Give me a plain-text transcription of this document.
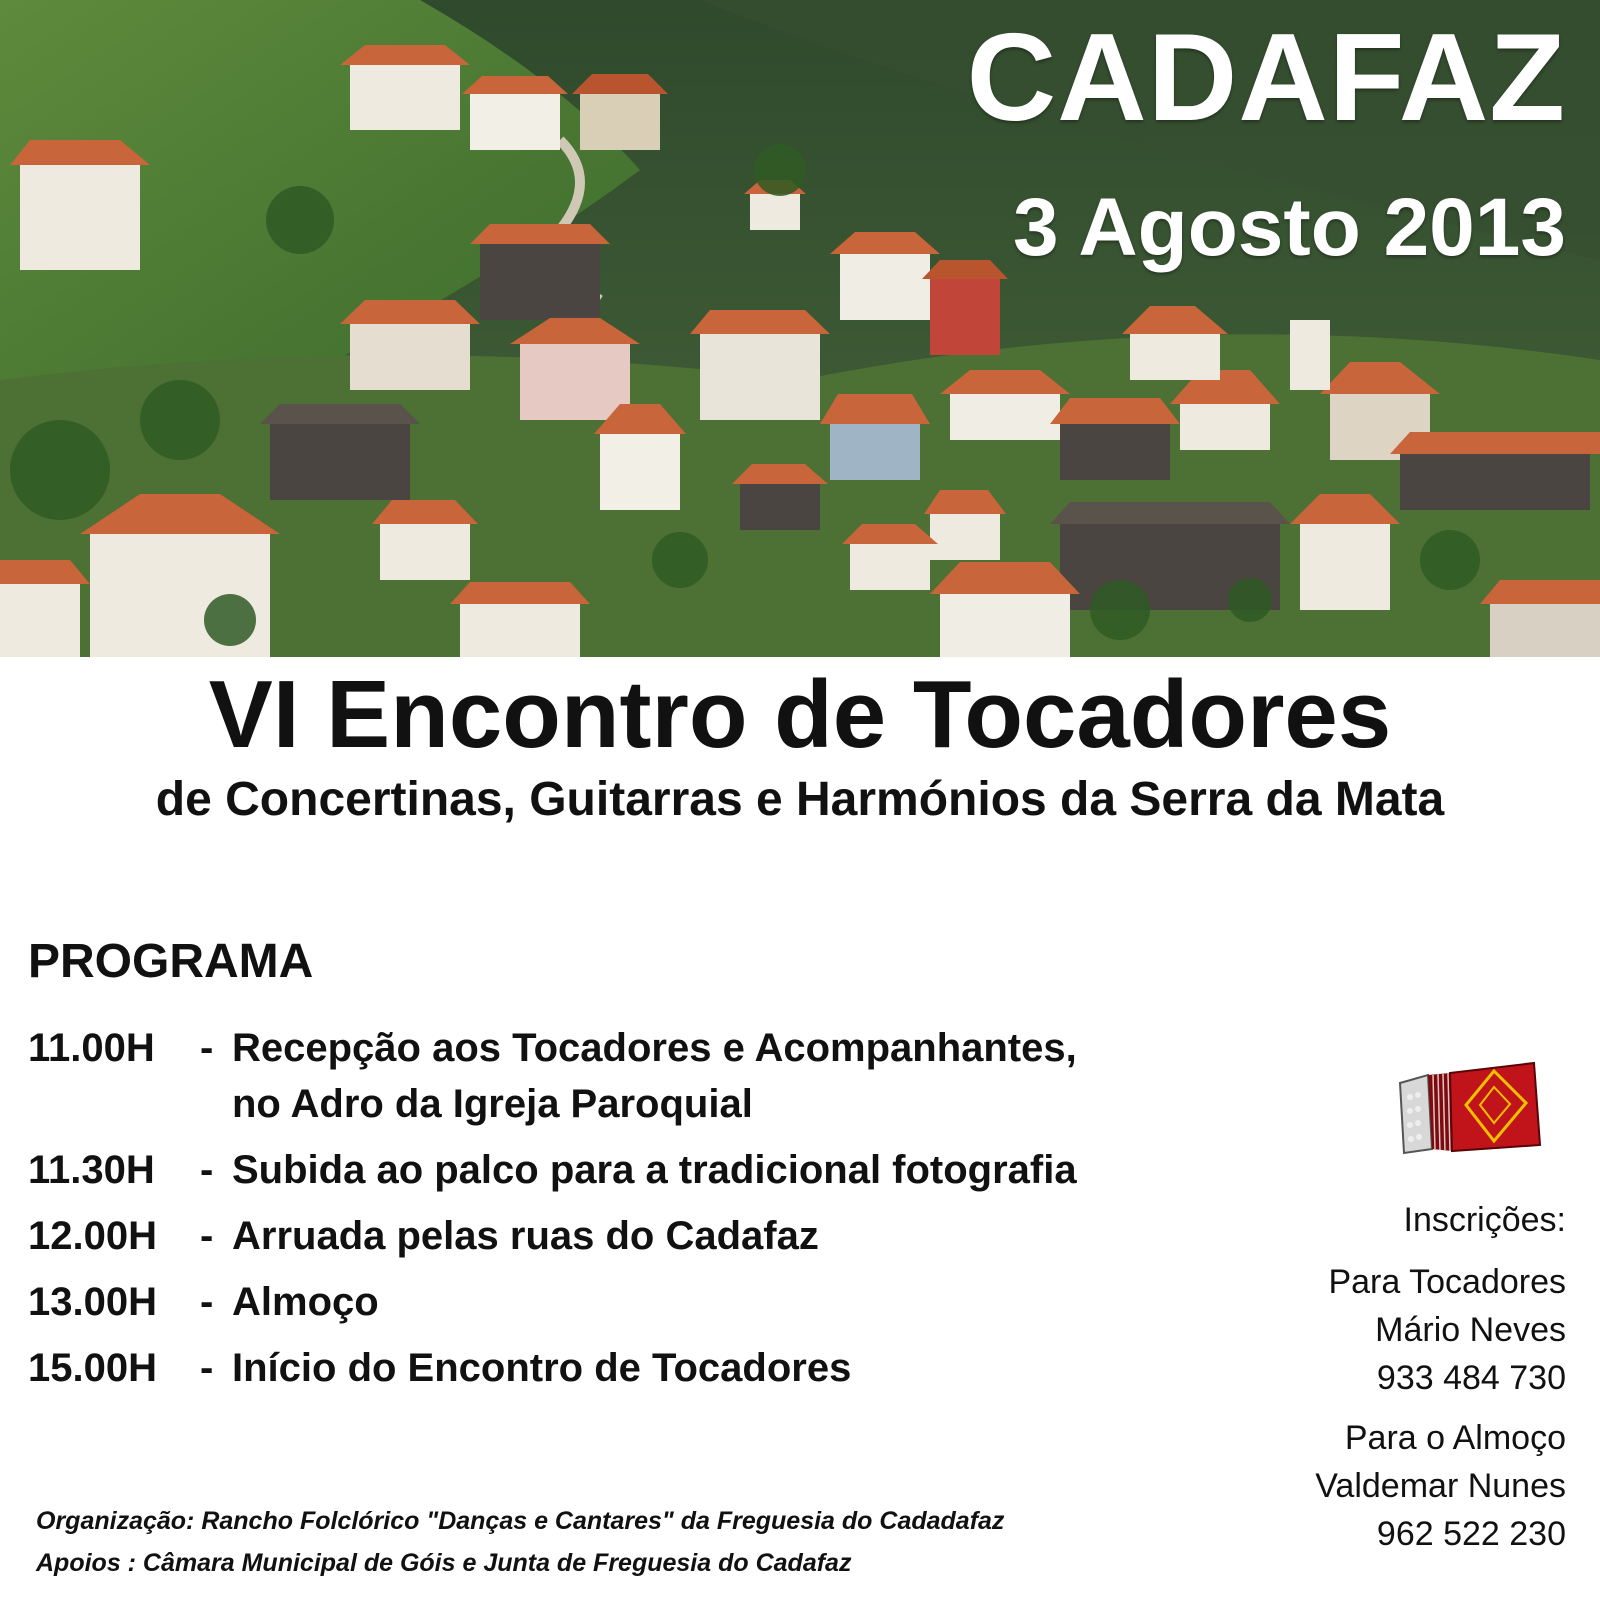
CADAFAZ
3 Agosto 2013
VI Encontro de Tocadores
de Concertinas, Guitarras e Harmónios da Serra da Mata
PROGRAMA
11.00H	- Recepção aos Tocadores e Acompanhantes,
no Adro da Igreja Paroquial
11.30H	- Subida ao palco para a tradicional fotografia
12.00H	- Arruada pelas ruas do Cadafaz
13.00H	- Almoço
15.00H	- Início do Encontro de Tocadores
Inscrições:
Para Tocadores
Mário Neves
933 484 730
Para o Almoço
Valdemar Nunes
962 522 230
Organização: Rancho Folclórico "Danças e Cantares" da Freguesia do Cadadafaz
Apoios : Câmara Municipal de Góis e Junta de Freguesia do Cadafaz
